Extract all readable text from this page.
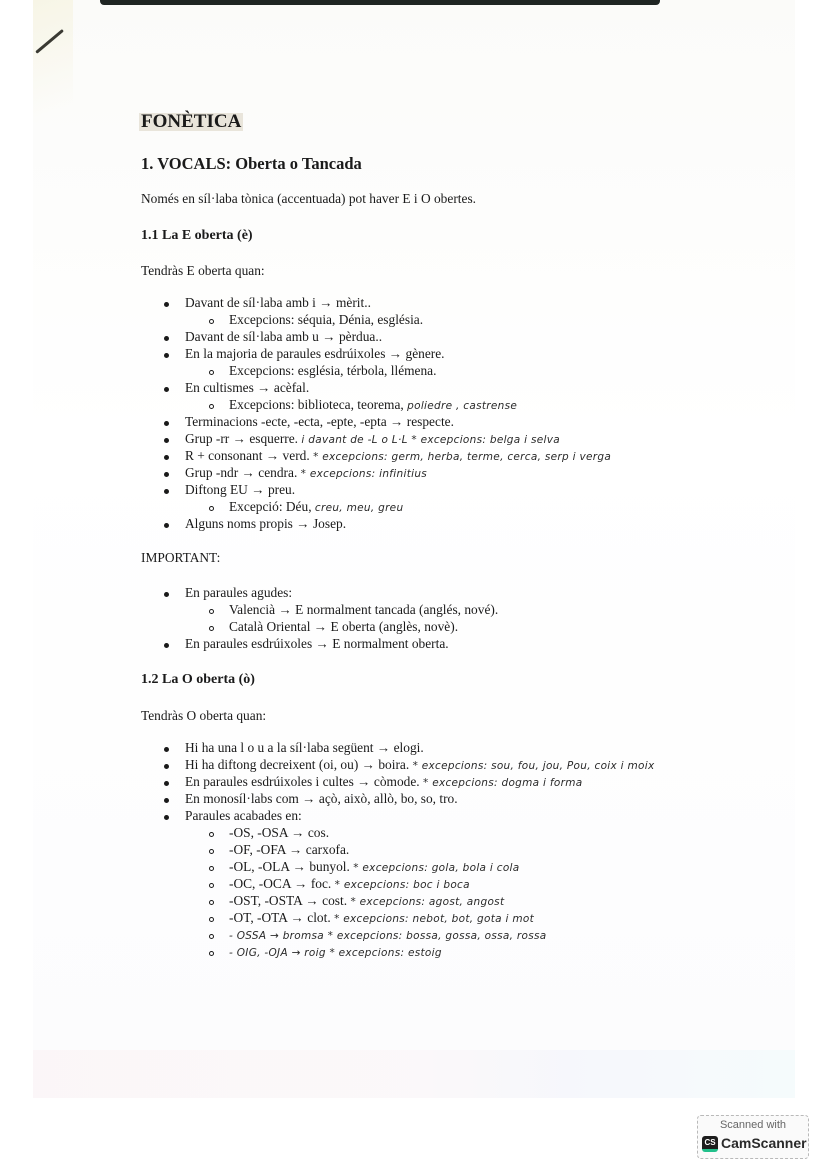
FONÈTICA
1. VOCALS: Oberta o Tancada
Només en síl·laba tònica (accentuada) pot haver E i O obertes.
1.1 La E oberta (è)
Tendràs E oberta quan:
Davant de síl·laba amb i → mèrit..
Excepcions: séquia, Dénia, església.
Davant de síl·laba amb u → pèrdua..
En la majoria de paraules esdrúixoles → gènere.
Excepcions: església, térbola, llémena.
En cultismes → acèfal.
Excepcions: biblioteca, teorema, poliedre , castrense
Terminacions -ecte, -ecta, -epte, -epta → respecte.
Grup -rr → esquerre. i davant de -L o L·L * excepcions: belga i selva
R + consonant → verd. * excepcions: germ, herba, terme, cerca, serp i verga
Grup -ndr → cendra. * excepcions: infinitius
Diftong EU → preu.
Excepció: Déu, creu, meu, greu
Alguns noms propis → Josep.
IMPORTANT:
En paraules agudes:
Valencià → E normalment tancada (anglés, nové).
Català Oriental → E oberta (anglès, novè).
En paraules esdrúixoles → E normalment oberta.
1.2 La O oberta (ò)
Tendràs O oberta quan:
Hi ha una l o u a la síl·laba següent → elogi.
Hi ha diftong decreixent (oi, ou) → boira. * excepcions: sou, fou, jou, Pou, coix i moix
En paraules esdrúixoles i cultes → còmode. * excepcions: dogma i forma
En monosíl·labs com → açò, això, allò, bo, so, tro.
Paraules acabades en:
-OS, -OSA → cos.
-OF, -OFA → carxofa.
-OL, -OLA → bunyol. * excepcions: gola, bola i cola
-OC, -OCA → foc. * excepcions: boc i boca
-OST, -OSTA → cost. * excepcions: agost, angost
-OT, -OTA → clot. * excepcions: nebot, bot, gota i mot
- OSSA → bromsa * excepcions: bossa, gossa, ossa, rossa
- OIG, -OJA → roig * excepcions: estoig
Scanned with
CS CamScanner
